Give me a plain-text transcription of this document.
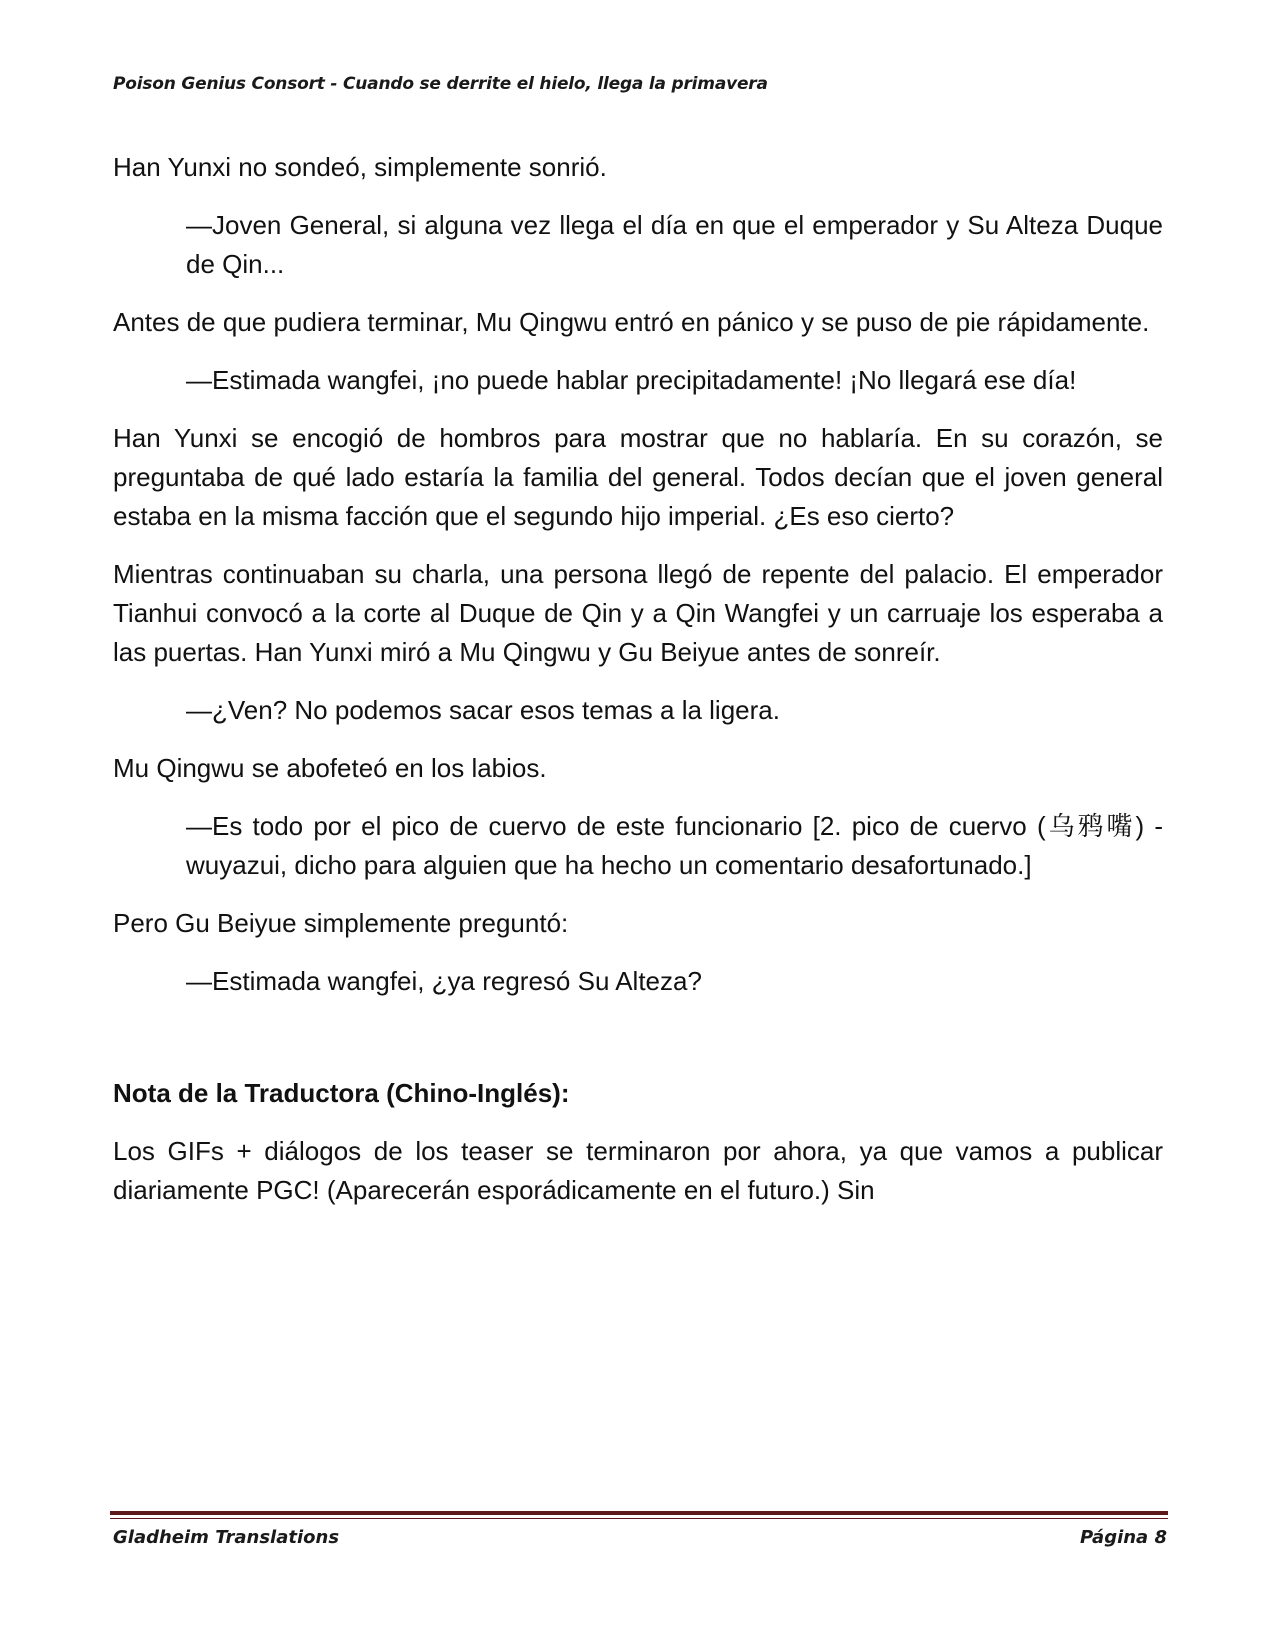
Poison Genius Consort - Cuando se derrite el hielo, llega la primavera

Han Yunxi no sondeó, simplemente sonrió.

—Joven General, si alguna vez llega el día en que el emperador y Su Alteza Duque de Qin...

Antes de que pudiera terminar, Mu Qingwu entró en pánico y se puso de pie rápidamente.

—Estimada wangfei, ¡no puede hablar precipitadamente! ¡No llegará ese día!

Han Yunxi se encogió de hombros para mostrar que no hablaría. En su corazón, se preguntaba de qué lado estaría la familia del general. Todos decían que el joven general estaba en la misma facción que el segundo hijo imperial. ¿Es eso cierto?

Mientras continuaban su charla, una persona llegó de repente del palacio. El emperador Tianhui convocó a la corte al Duque de Qin y a Qin Wangfei y un carruaje los esperaba a las puertas. Han Yunxi miró a Mu Qingwu y Gu Beiyue antes de sonreír.

—¿Ven? No podemos sacar esos temas a la ligera.

Mu Qingwu se abofeteó en los labios.

—Es todo por el pico de cuervo de este funcionario [2. pico de cuervo (乌鸦嘴) - wuyazui, dicho para alguien que ha hecho un comentario desafortunado.]

Pero Gu Beiyue simplemente preguntó:

—Estimada wangfei, ¿ya regresó Su Alteza?

Nota de la Traductora (Chino-Inglés):

Los GIFs + diálogos de los teaser se terminaron por ahora, ya que vamos a publicar diariamente PGC! (Aparecerán esporádicamente en el futuro.) Sin

Gladheim Translations	Página 8
